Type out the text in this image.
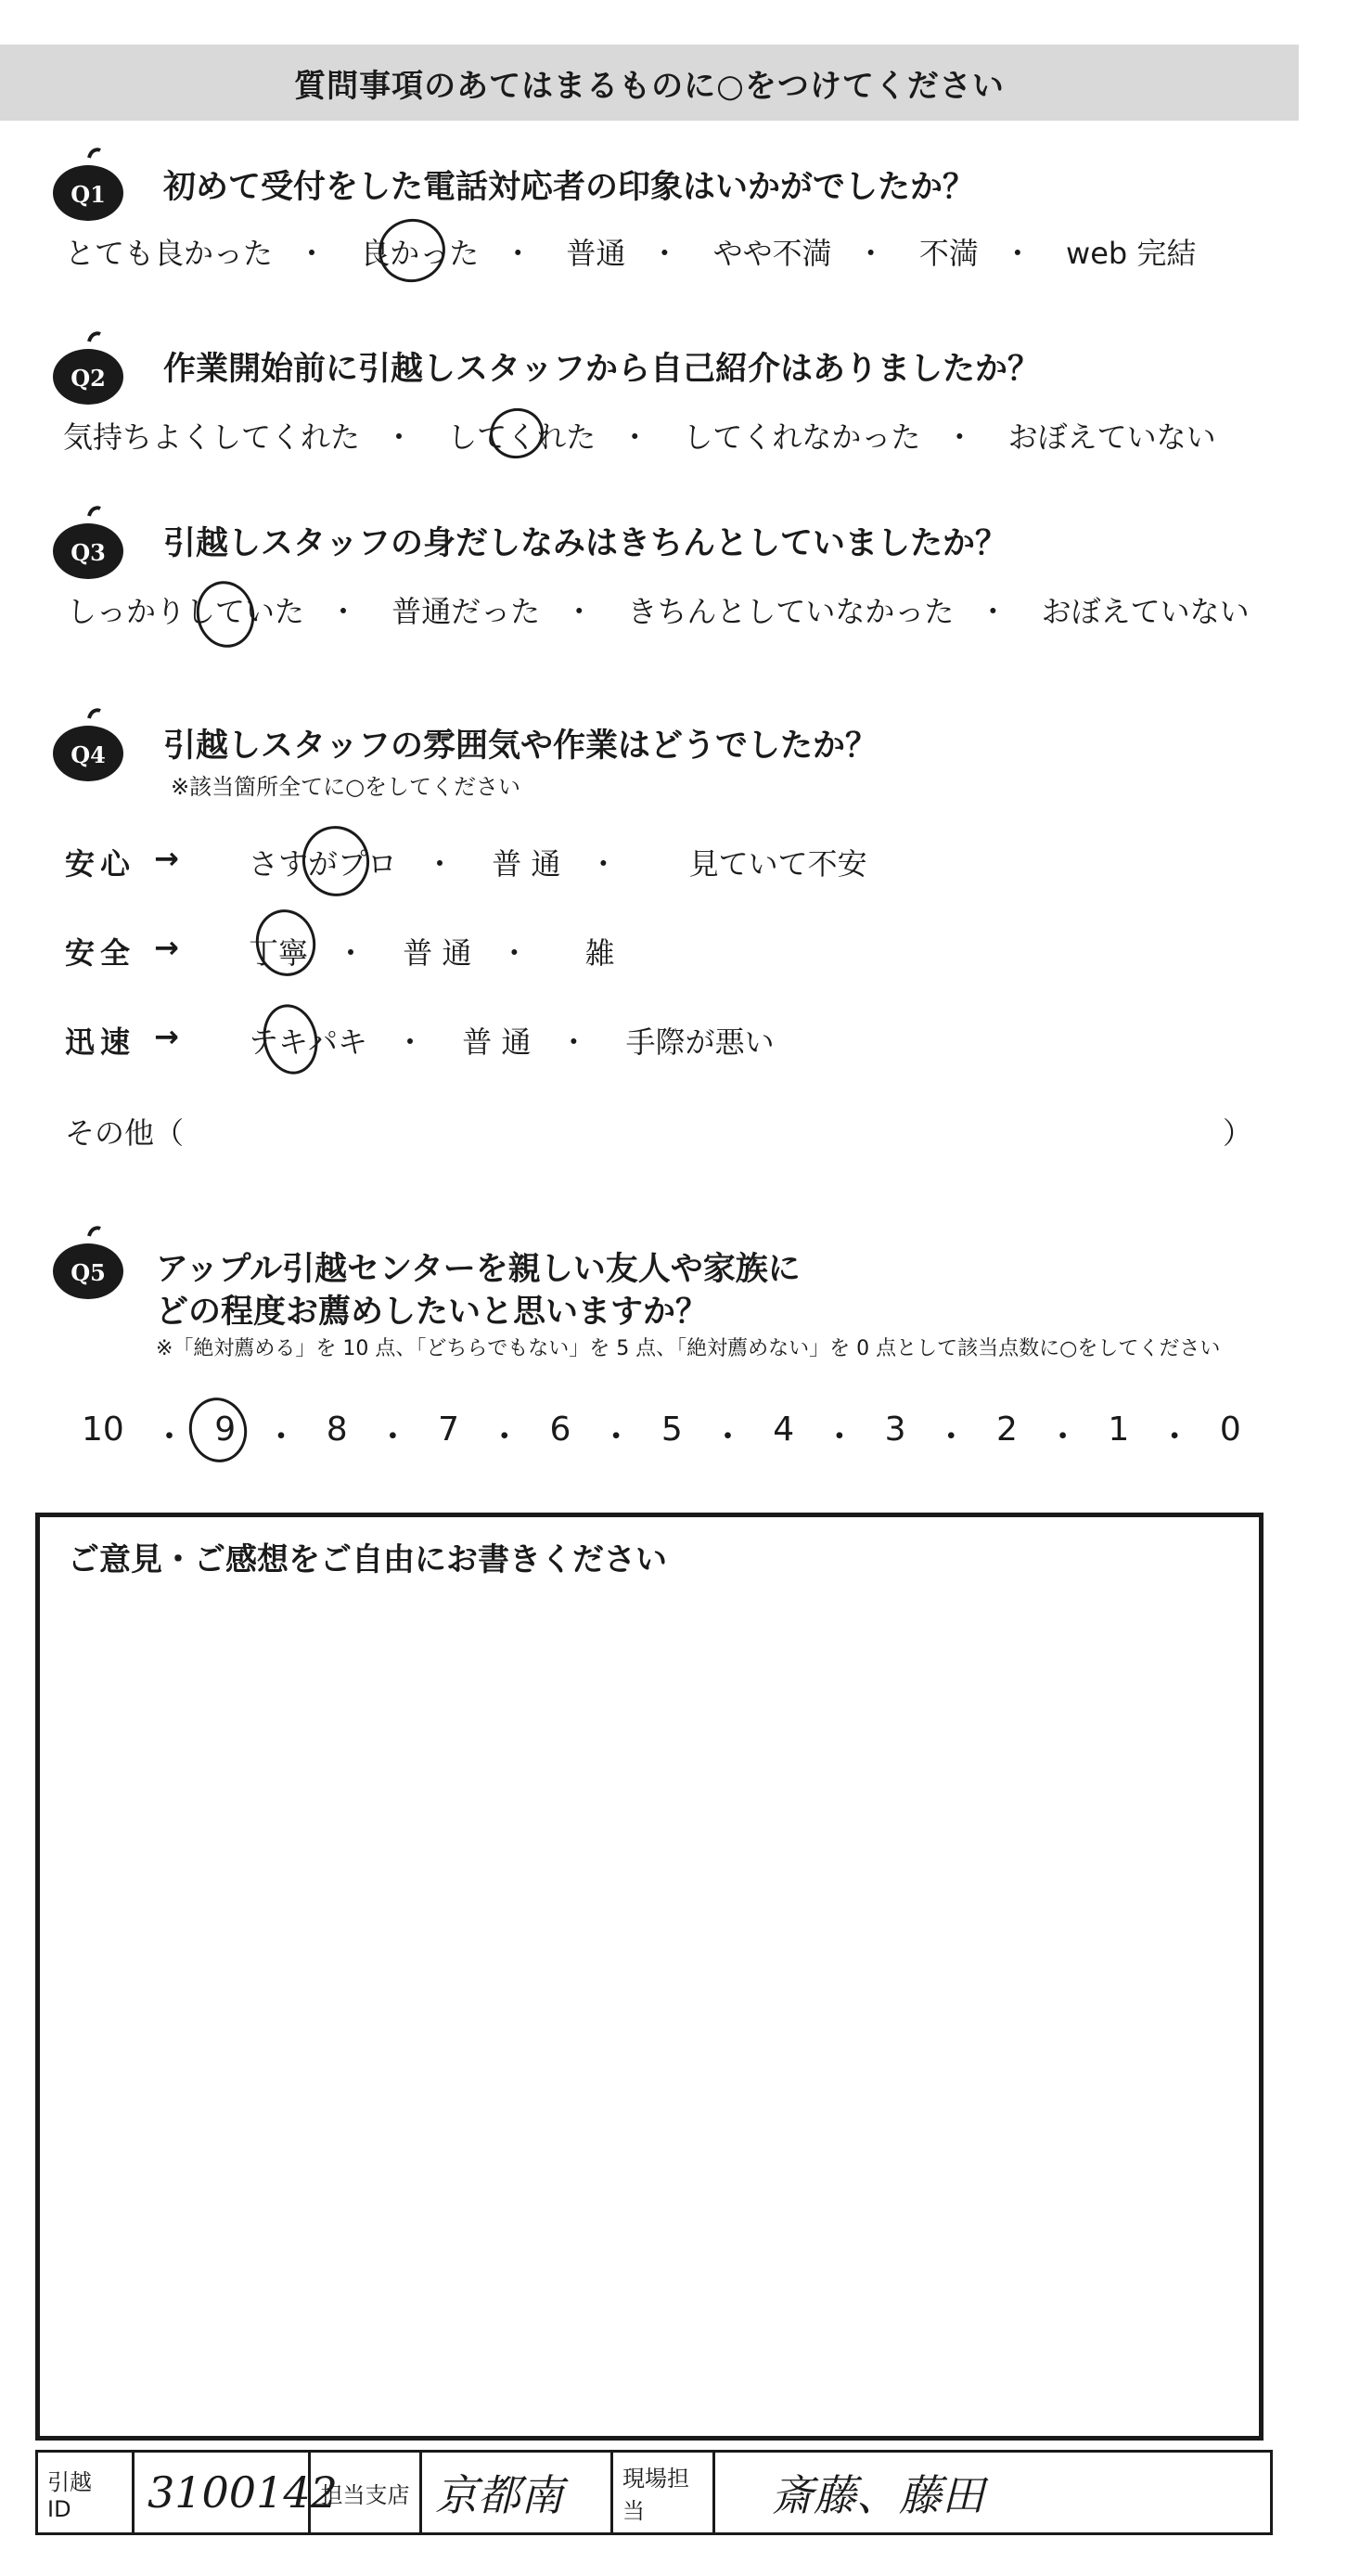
質問事項のあてはまるものに○をつけてください
Q1 初めて受付をした電話対応者の印象はいかがでしたか？
とても良かった ・ 良かった ・ 普通 ・ やや不満 ・ 不満 ・ web 完結
Q2 作業開始前に引越しスタッフから自己紹介はありましたか？
気持ちよくしてくれた ・ してくれた ・ してくれなかった ・ おぼえていない
Q3 引越しスタッフの身だしなみはきちんとしていましたか？
しっかりしていた ・ 普通だった ・ きちんとしていなかった ・ おぼえていない
Q4 引越しスタッフの雰囲気や作業はどうでしたか？
※該当箇所全てに○をしてください
安心 → さすがプロ ・ 普 通 ・ 見ていて不安
安全 → 丁寧 ・ 普 通 ・ 雑
迅速 → テキパキ ・ 普 通 ・ 手際が悪い
その他（	）
Q5 アップル引越センターを親しい友人や家族に
どの程度お薦めしたいと思いますか？
※「絶対薦める」を 10 点、「どちらでもない」を 5 点、「絶対薦めない」を 0 点として該当点数に○をしてください
10 ・ 9 ・ 8 ・ 7 ・ 6 ・ 5 ・ 4 ・ 3 ・ 2 ・ 1 ・ 0
ご意見・ご感想をご自由にお書きください
引越 ID	3100142
担当支店 京都南	現場担当	斎藤、藤田
